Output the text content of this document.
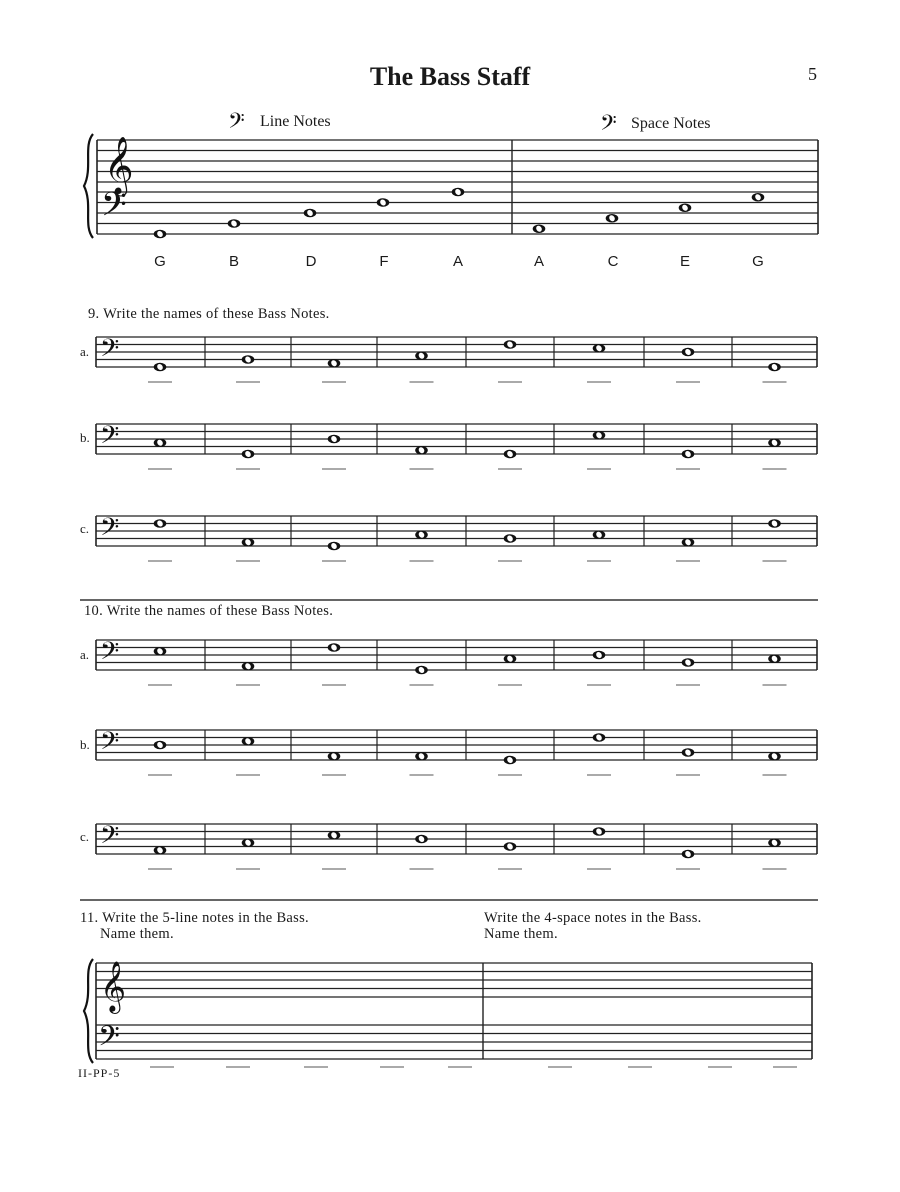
The Bass Staff	5
Line Notes	Space Notes
G	B	D	F	A	A	C	E	G
9. Write the names of these Bass Notes.
10. Write the names of these Bass Notes.
11. Write the 5-line notes in the Bass.
Name them.
Write the 4-space notes in the Bass.
Name them.
a.
b.
c.
a.
b.
c.
II-PP-5
𝄞
𝄢
𝄢	𝄢
𝄢
𝄢
𝄢
𝄢
𝄢
𝄢
𝄞
𝄢
